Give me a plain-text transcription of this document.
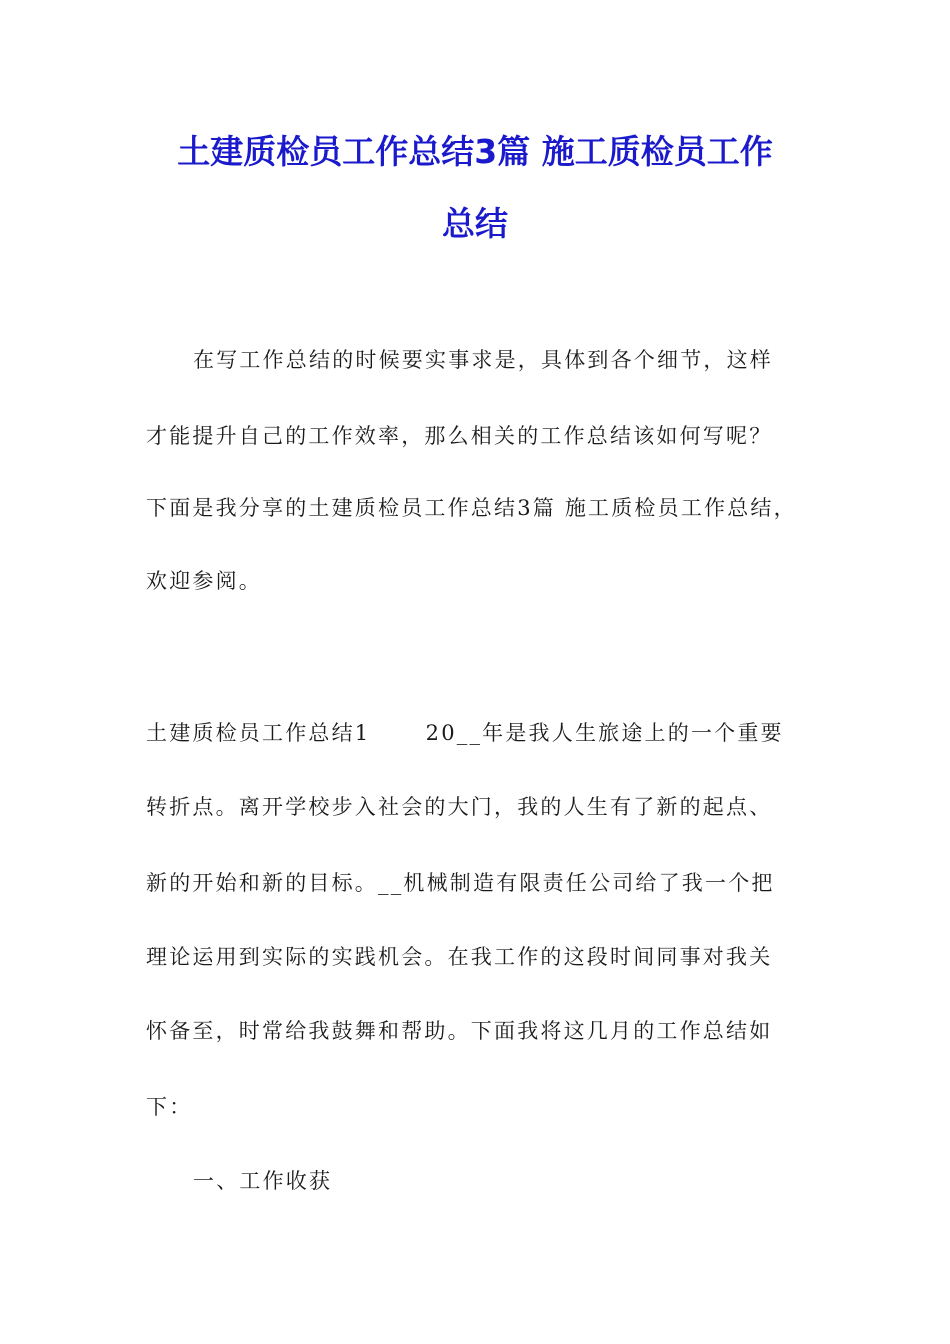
土建质检员工作总结3篇 施工质检员工作
总结
在写工作总结的时候要实事求是，具体到各个细节，这样
才能提升自己的工作效率，那么相关的工作总结该如何写呢？
下面是我分享的土建质检员工作总结3篇 施工质检员工作总结，
欢迎参阅。
土建质检员工作总结1　　 20__年是我人生旅途上的一个重要
转折点。离开学校步入社会的大门，我的人生有了新的起点、
新的开始和新的目标。__机械制造有限责任公司给了我一个把
理论运用到实际的实践机会。在我工作的这段时间同事对我关
怀备至，时常给我鼓舞和帮助。下面我将这几月的工作总结如
下：
一、工作收获
